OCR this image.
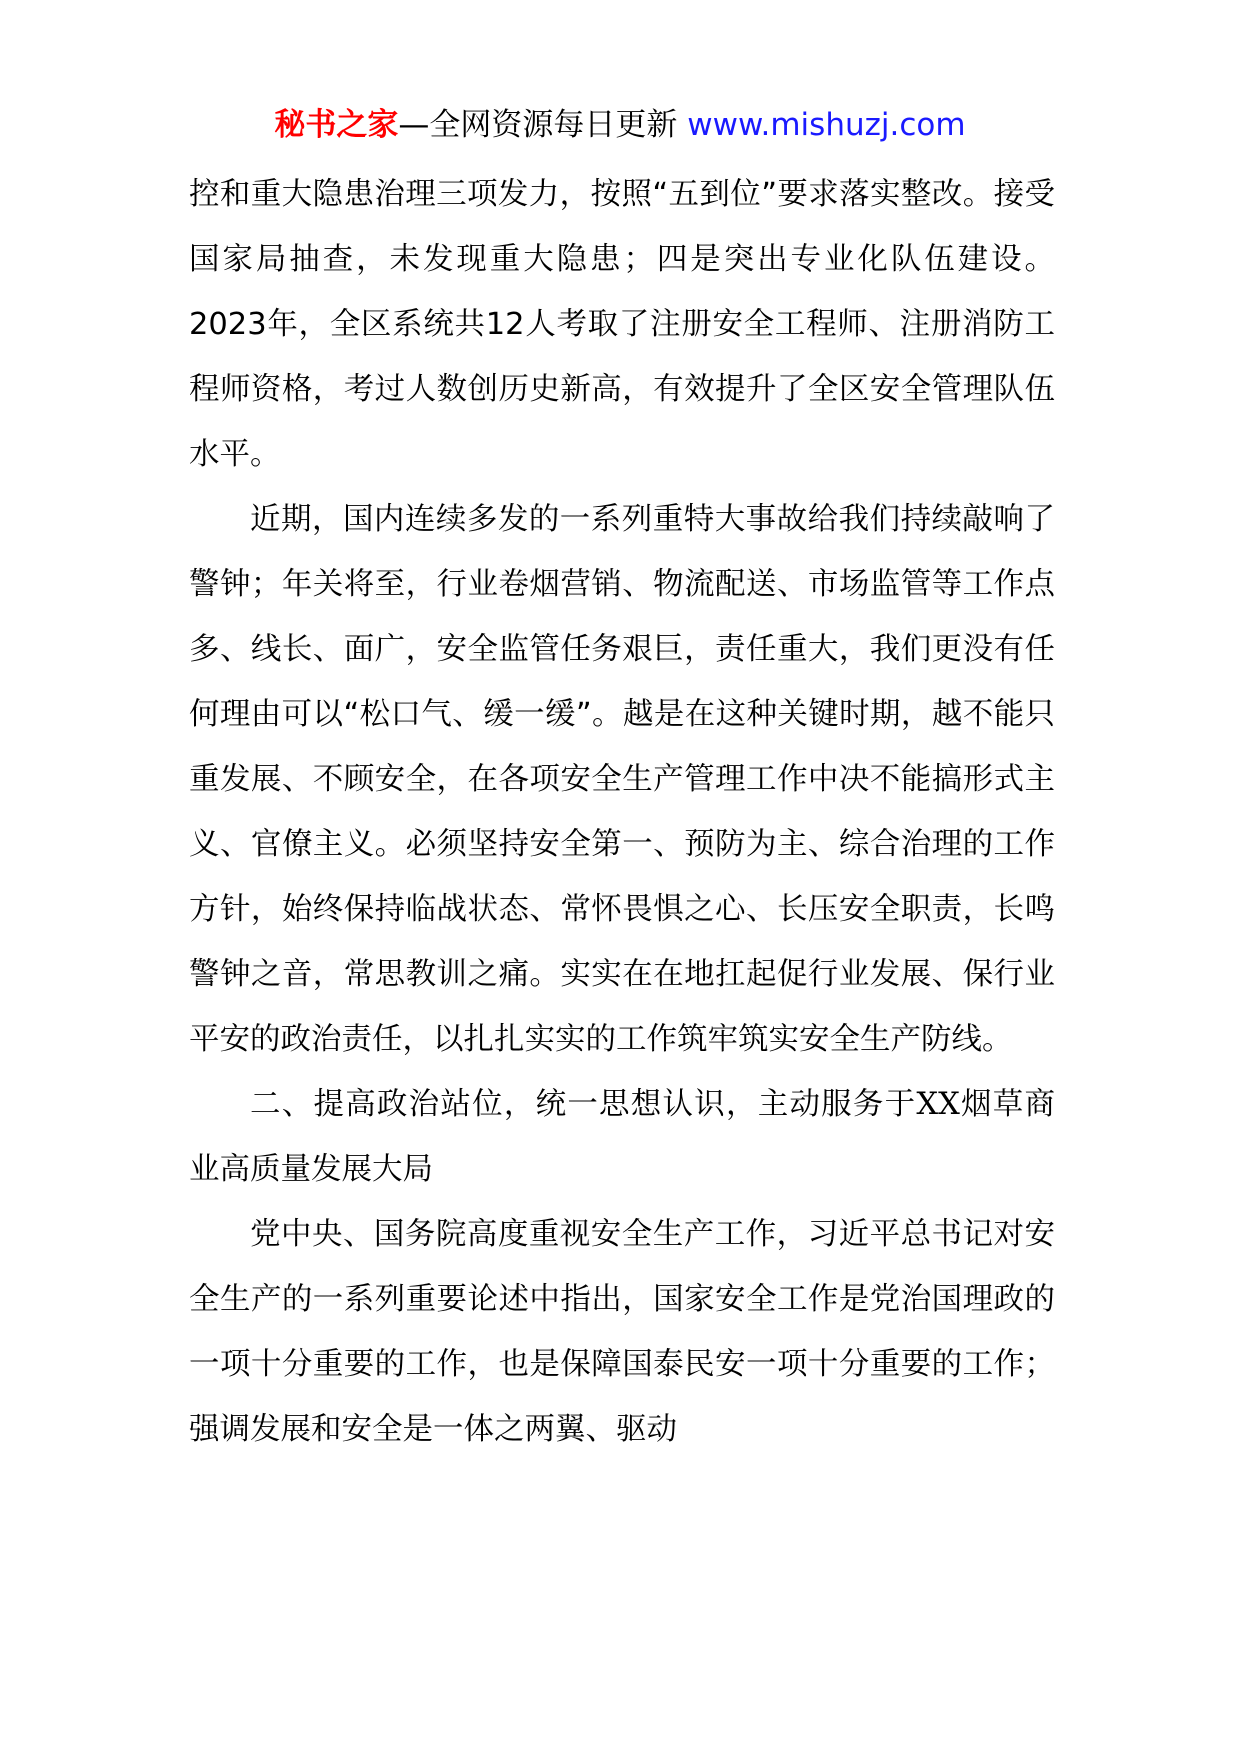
秘书之家—全网资源每日更新 www.mishuzj.com

控和重大隐患治理三项发力，按照“五到位”要求落实整改。接受国家局抽查，未发现重大隐患；四是突出专业化队伍建设。2023年，全区系统共12人考取了注册安全工程师、注册消防工程师资格，考过人数创历史新高，有效提升了全区安全管理队伍水平。

近期，国内连续多发的一系列重特大事故给我们持续敲响了警钟；年关将至，行业卷烟营销、物流配送、市场监管等工作点多、线长、面广，安全监管任务艰巨，责任重大，我们更没有任何理由可以“松口气、缓一缓”。越是在这种关键时期，越不能只重发展、不顾安全，在各项安全生产管理工作中决不能搞形式主义、官僚主义。必须坚持安全第一、预防为主、综合治理的工作方针，始终保持临战状态、常怀畏惧之心、长压安全职责，长鸣警钟之音，常思教训之痛。实实在在地扛起促行业发展、保行业平安的政治责任，以扎扎实实的工作筑牢筑实安全生产防线。

二、提高政治站位，统一思想认识，主动服务于XX烟草商业高质量发展大局

党中央、国务院高度重视安全生产工作，习近平总书记对安全生产的一系列重要论述中指出，国家安全工作是党治国理政的一项十分重要的工作，也是保障国泰民安一项十分重要的工作；强调发展和安全是一体之两翼、驱动
